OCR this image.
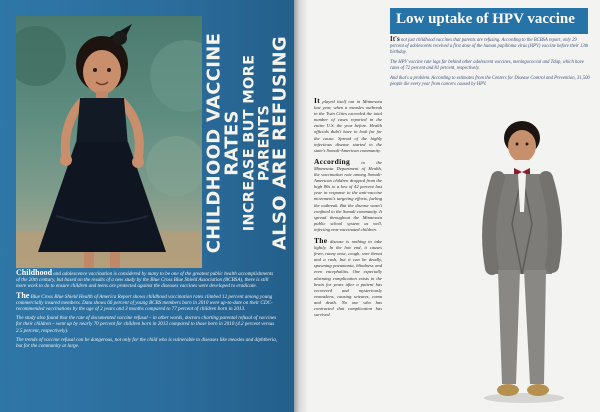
CHILDHOOD VACCINE RATES
INCREASE BUT MORE PARENTS
ALSO ARE REFUSING

Childhood and adolescence vaccination is considered by many to be one of the greatest public health accomplishments of the 20th century, but based on the results of a new study by the Blue Cross Blue Shield Association (BCBSA), there is still more work to do to ensure children and teens are protected against the diseases vaccines were developed to eradicate.

The Blue Cross Blue Shield Health of America Report shows childhood vaccination rates climbed 12 percent among young commercially insured members. Data shows 66 percent of young BCBS members born in 2010 were up-to-date on their CDC-recommended vaccinations by the age of 2 years and 3 months compared to 77 percent of children born in 2013.

The study also found that the rate of documented vaccine refusal – in other words, doctors charting parental refusal of vaccines for their children – went up by nearly 70 percent for children born in 2013 compared to those born in 2010 (4.2 percent versus 2.5 percent, respectively).

The trends of vaccine refusal can be dangerous, not only for the child who is vulnerable to diseases like measles and diphtheria, but for the community at large.

It played itself out in Minnesota last year, when a measles outbreak in the Twin Cities exceeded the total number of cases reported in the entire U.S. the year before. Health officials didn't have to look far for the cause. Spread of the highly infectious disease started in the state's Somali-American community.

According to the Minnesota Department of Health, the vaccination rate among Somali-American children dropped from the high 80s to a low of 42 percent last year in response to the anti-vaccine movement's targeting efforts, fueling the outbreak. But the disease wasn't confined to the Somali community. It spread throughout the Minnesota public school system as well, infecting non-vaccinated children.

The disease is nothing to take lightly. In the low end, it causes fever, runny nose, cough, sore throat and a rash, but it can be deadly, spawning pneumonia, blindness and even encephalitis. One especially alarming complication exists in the brain for years after a patient has recovered and mysteriously reawakens, causing seizures, coma and death. No one who has contracted that complication has survived.

Low uptake of HPV vaccine

It's not just childhood vaccines that parents are refusing. According to the BCBSA report, only 29 percent of adolescents received a first dose of the human papilloma virus (HPV) vaccine before their 13th birthday.

The HPV vaccine rate lags far behind other adolescent vaccines, meningococcal and Tdap, which have rates of 72 percent and 81 percent, respectively.

And that's a problem. According to estimates from the Centers for Disease Control and Prevention, 31,500 people die every year from cancers caused by HPV.
